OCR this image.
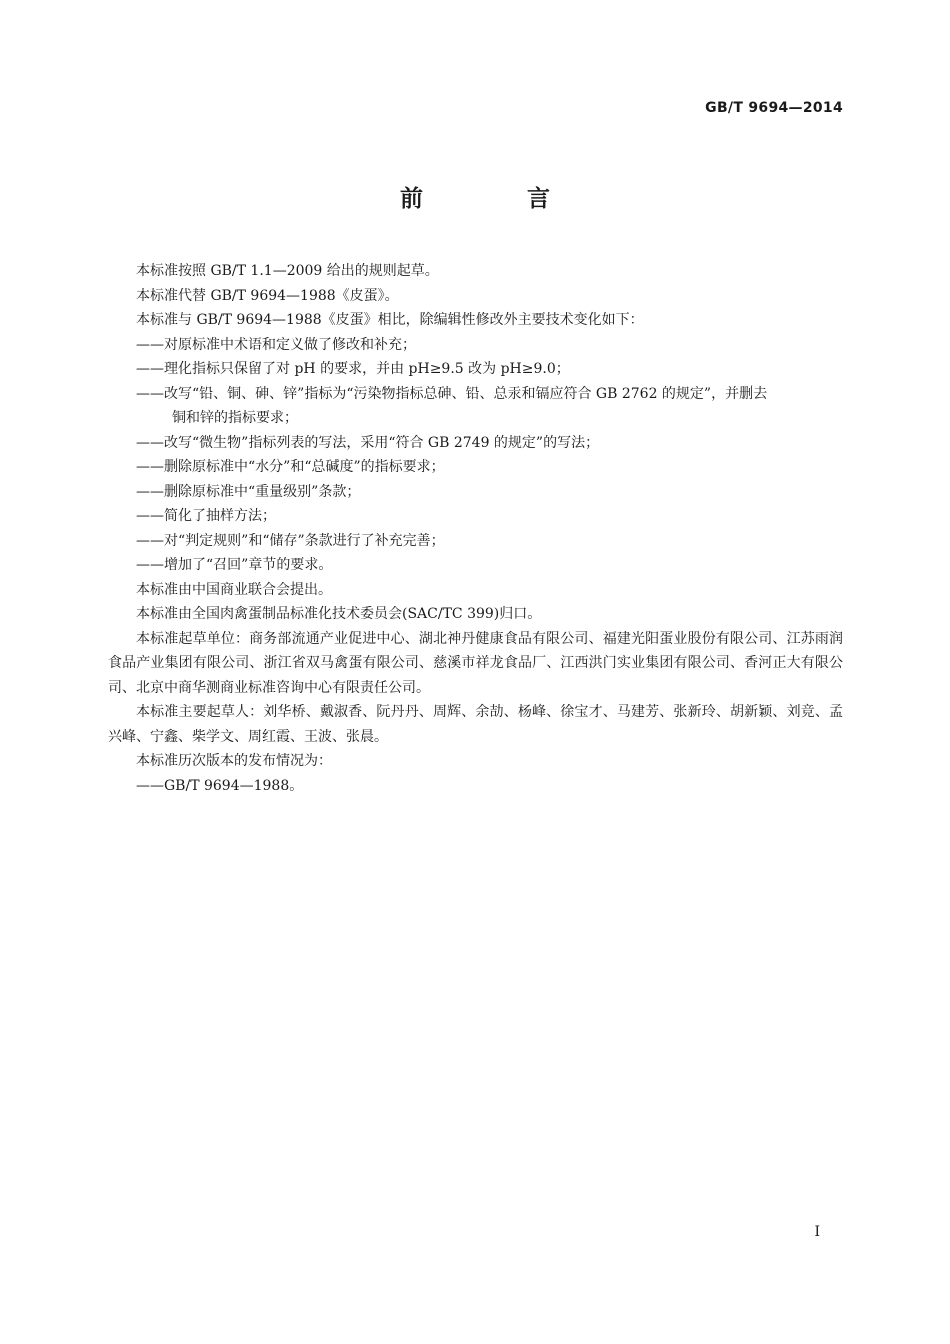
GB/T 9694—2014
前 言

本标准按照 GB/T 1.1—2009 给出的规则起草。

本标准代替 GB/T 9694—1988《皮蛋》。

本标准与 GB/T 9694—1988《皮蛋》相比，除编辑性修改外主要技术变化如下：

——对原标准中术语和定义做了修改和补充；

——理化指标只保留了对 pH 的要求，并由 pH≥9.5 改为 pH≥9.0；

——改写“铅、铜、砷、锌”指标为“污染物指标总砷、铅、总汞和镉应符合 GB 2762 的规定”，并删去
铜和锌的指标要求；

——改写“微生物”指标列表的写法，采用“符合 GB 2749 的规定”的写法；

——删除原标准中“水分”和“总碱度”的指标要求；

——删除原标准中“重量级别”条款；

——简化了抽样方法；

——对“判定规则”和“储存”条款进行了补充完善；

——增加了“召回”章节的要求。

本标准由中国商业联合会提出。

本标准由全国肉禽蛋制品标准化技术委员会(SAC/TC 399)归口。

本标准起草单位：商务部流通产业促进中心、湖北神丹健康食品有限公司、福建光阳蛋业股份有限公司、江苏雨润食品产业集团有限公司、浙江省双马禽蛋有限公司、慈溪市祥龙食品厂、江西洪门实业集团有限公司、香河正大有限公司、北京中商华测商业标准咨询中心有限责任公司。

本标准主要起草人：刘华桥、戴淑香、阮丹丹、周辉、余劼、杨峰、徐宝才、马建芳、张新玲、胡新颖、刘竞、孟兴峰、宁鑫、柴学文、周红霞、王波、张晨。

本标准历次版本的发布情况为：

——GB/T 9694—1988。

I
